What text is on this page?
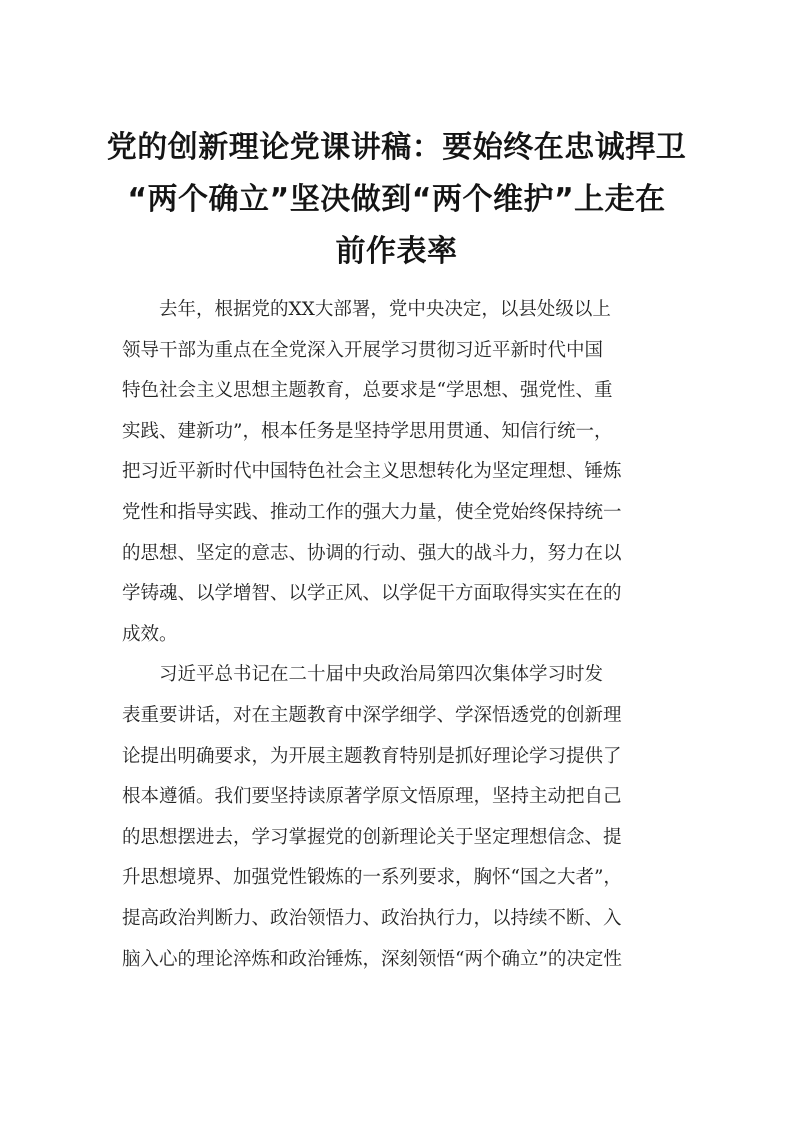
党的创新理论党课讲稿：要始终在忠诚捍卫
“两个确立”坚决做到“两个维护”上走在
前作表率
　　去年，根据党的XX大部署，党中央决定，以县处级以上
领导干部为重点在全党深入开展学习贯彻习近平新时代中国
特色社会主义思想主题教育，总要求是“学思想、强党性、重
实践、建新功”，根本任务是坚持学思用贯通、知信行统一，
把习近平新时代中国特色社会主义思想转化为坚定理想、锤炼
党性和指导实践、推动工作的强大力量，使全党始终保持统一
的思想、坚定的意志、协调的行动、强大的战斗力，努力在以
学铸魂、以学增智、以学正风、以学促干方面取得实实在在的
成效。
　　习近平总书记在二十届中央政治局第四次集体学习时发
表重要讲话，对在主题教育中深学细学、学深悟透党的创新理
论提出明确要求，为开展主题教育特别是抓好理论学习提供了
根本遵循。我们要坚持读原著学原文悟原理，坚持主动把自己
的思想摆进去，学习掌握党的创新理论关于坚定理想信念、提
升思想境界、加强党性锻炼的一系列要求，胸怀“国之大者”，
提高政治判断力、政治领悟力、政治执行力，以持续不断、入
脑入心的理论淬炼和政治锤炼，深刻领悟“两个确立”的决定性
